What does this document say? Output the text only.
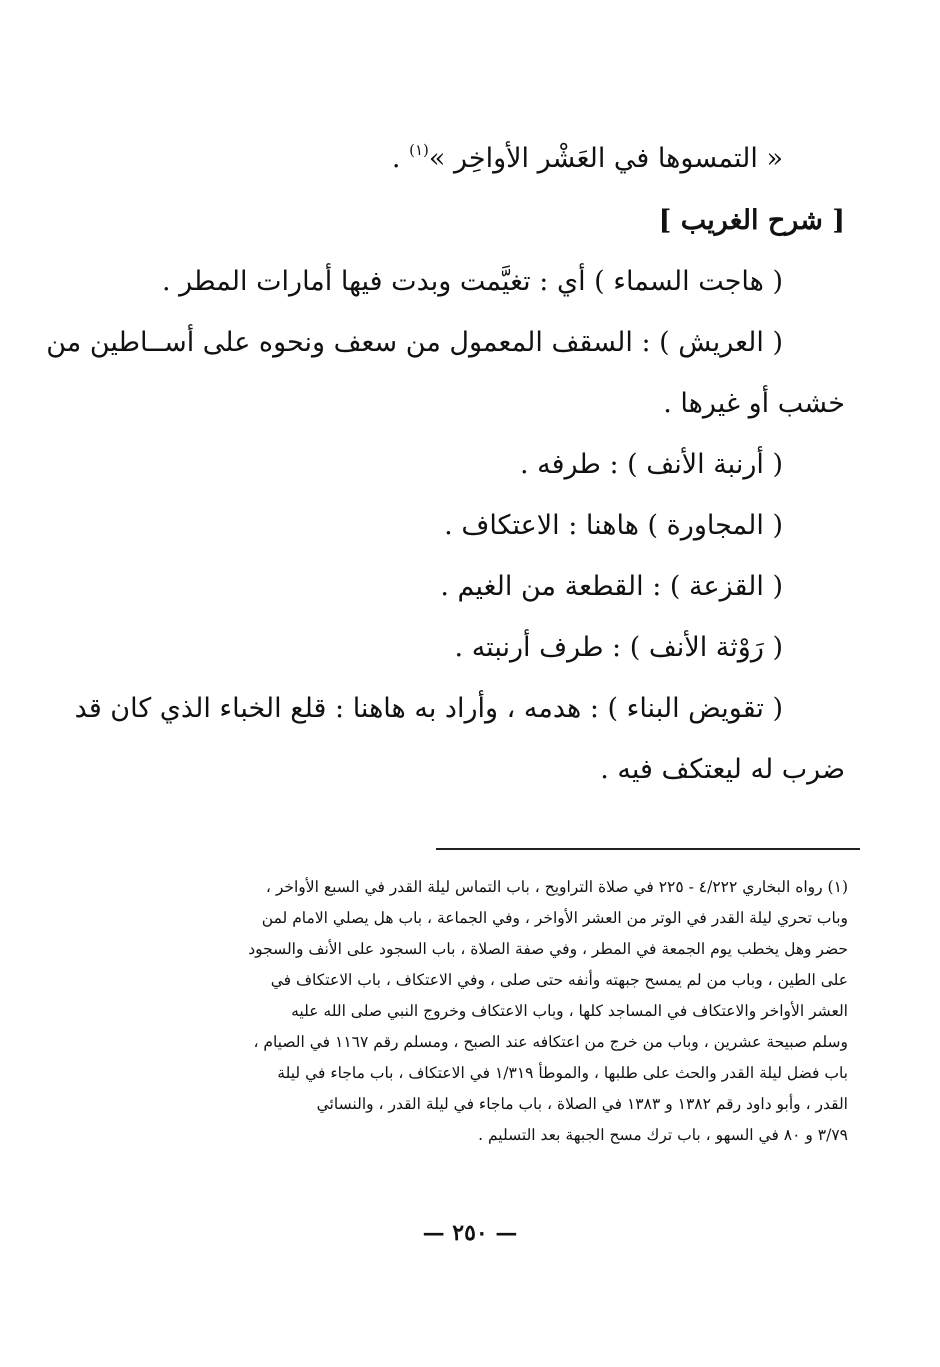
« التمسوها في العَشْر الأواخِر »$^{(١)}$ .
[ شرح الغريب ]
( هاجت السماء ) أي : تغيَّمت وبدت فيها أمارات المطر .
( العريش ) : السقف المعمول من سعف ونحوه على أســاطين من
خشب أو غيرها .
( أرنبة الأنف ) : طرفه .
( المجاورة ) هاهنا : الاعتكاف .
( القزعة ) : القطعة من الغيم .
( رَوْثة الأنف ) : طرف أرنبته .
( تقويض البناء ) : هدمه ، وأراد به هاهنا : قلع الخباء الذي كان قد
ضرب له ليعتكف فيه .
(١) رواه البخاري ٤/٢٢٢ - ٢٢٥ في صلاة التراويح ، باب التماس ليلة القدر في السبع الأواخر ،
وباب تحري ليلة القدر في الوتر من العشر الأواخر ، وفي الجماعة ، باب هل يصلي الامام لمن
حضر وهل يخطب يوم الجمعة في المطر ، وفي صفة الصلاة ، باب السجود على الأنف والسجود
على الطين ، وباب من لم يمسح جبهته وأنفه حتى صلى ، وفي الاعتكاف ، باب الاعتكاف في
العشر الأواخر والاعتكاف في المساجد كلها ، وباب الاعتكاف وخروج النبي صلى الله عليه
وسلم صبيحة عشرين ، وباب من خرج من اعتكافه عند الصبح ، ومسلم رقم ١١٦٧ في الصيام ،
باب فضل ليلة القدر والحث على طلبها ، والموطأ ١/٣١٩ في الاعتكاف ، باب ماجاء في ليلة
القدر ، وأبو داود رقم ١٣٨٢ و ١٣٨٣ في الصلاة ، باب ماجاء في ليلة القدر ، والنسائي
٣/٧٩ و ٨٠ في السهو ، باب ترك مسح الجبهة بعد التسليم .
— ٢٥٠ —
